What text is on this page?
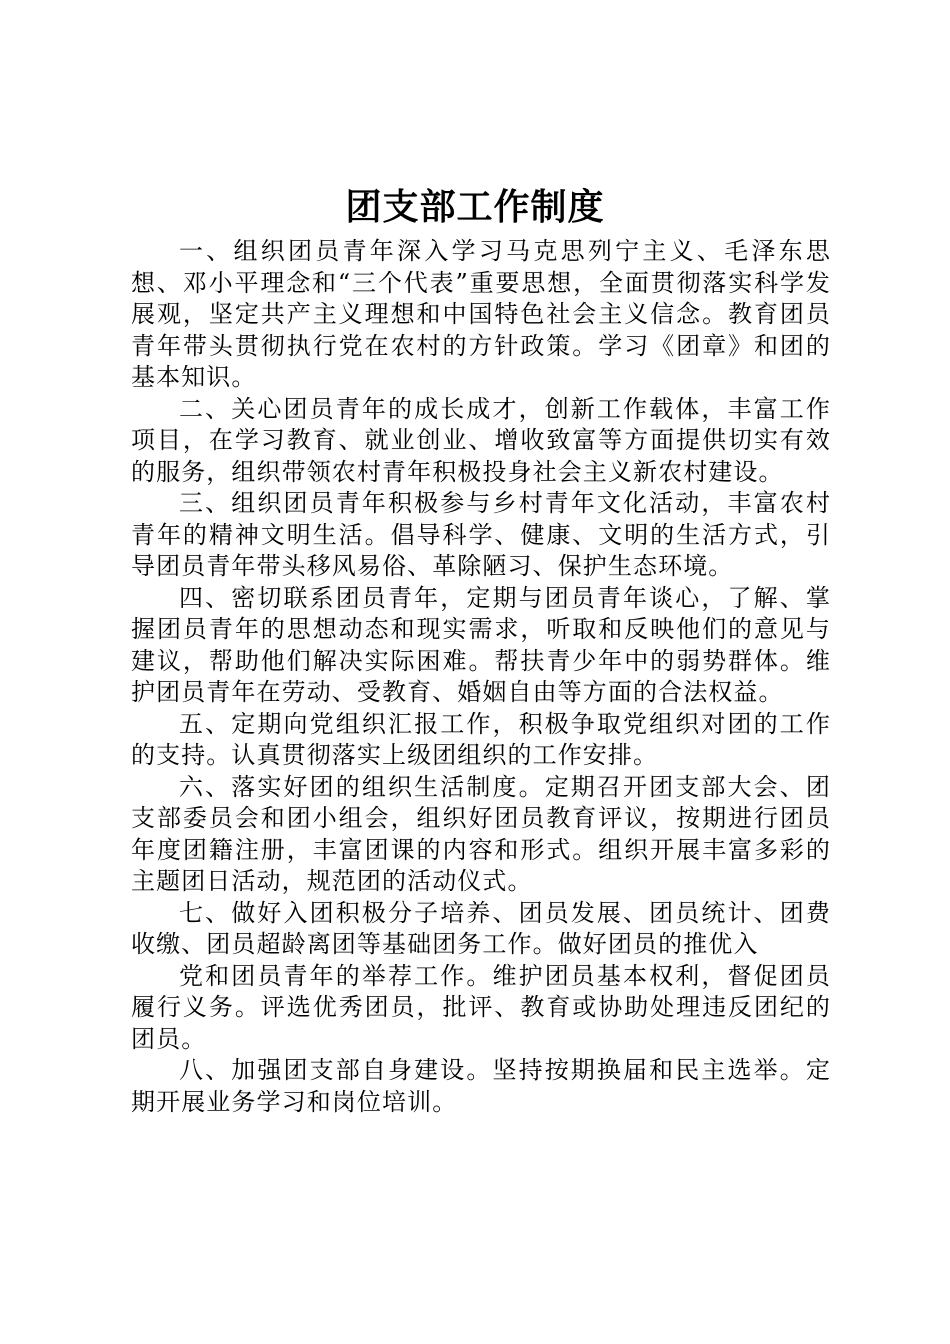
团支部工作制度

一、组织团员青年深入学习马克思列宁主义、毛泽东思想、邓小平理念和“三个代表”重要思想，全面贯彻落实科学发展观，坚定共产主义理想和中国特色社会主义信念。教育团员青年带头贯彻执行党在农村的方针政策。学习《团章》和团的基本知识。

二、关心团员青年的成长成才，创新工作载体，丰富工作项目，在学习教育、就业创业、增收致富等方面提供切实有效的服务，组织带领农村青年积极投身社会主义新农村建设。

三、组织团员青年积极参与乡村青年文化活动，丰富农村青年的精神文明生活。倡导科学、健康、文明的生活方式，引导团员青年带头移风易俗、革除陋习、保护生态环境。

四、密切联系团员青年，定期与团员青年谈心，了解、掌握团员青年的思想动态和现实需求，听取和反映他们的意见与建议，帮助他们解决实际困难。帮扶青少年中的弱势群体。维护团员青年在劳动、受教育、婚姻自由等方面的合法权益。

五、定期向党组织汇报工作，积极争取党组织对团的工作的支持。认真贯彻落实上级团组织的工作安排。

六、落实好团的组织生活制度。定期召开团支部大会、团支部委员会和团小组会，组织好团员教育评议，按期进行团员年度团籍注册，丰富团课的内容和形式。组织开展丰富多彩的主题团日活动，规范团的活动仪式。

七、做好入团积极分子培养、团员发展、团员统计、团费收缴、团员超龄离团等基础团务工作。做好团员的推优入

党和团员青年的举荐工作。维护团员基本权利，督促团员履行义务。评选优秀团员，批评、教育或协助处理违反团纪的团员。

八、加强团支部自身建设。坚持按期换届和民主选举。定期开展业务学习和岗位培训。
